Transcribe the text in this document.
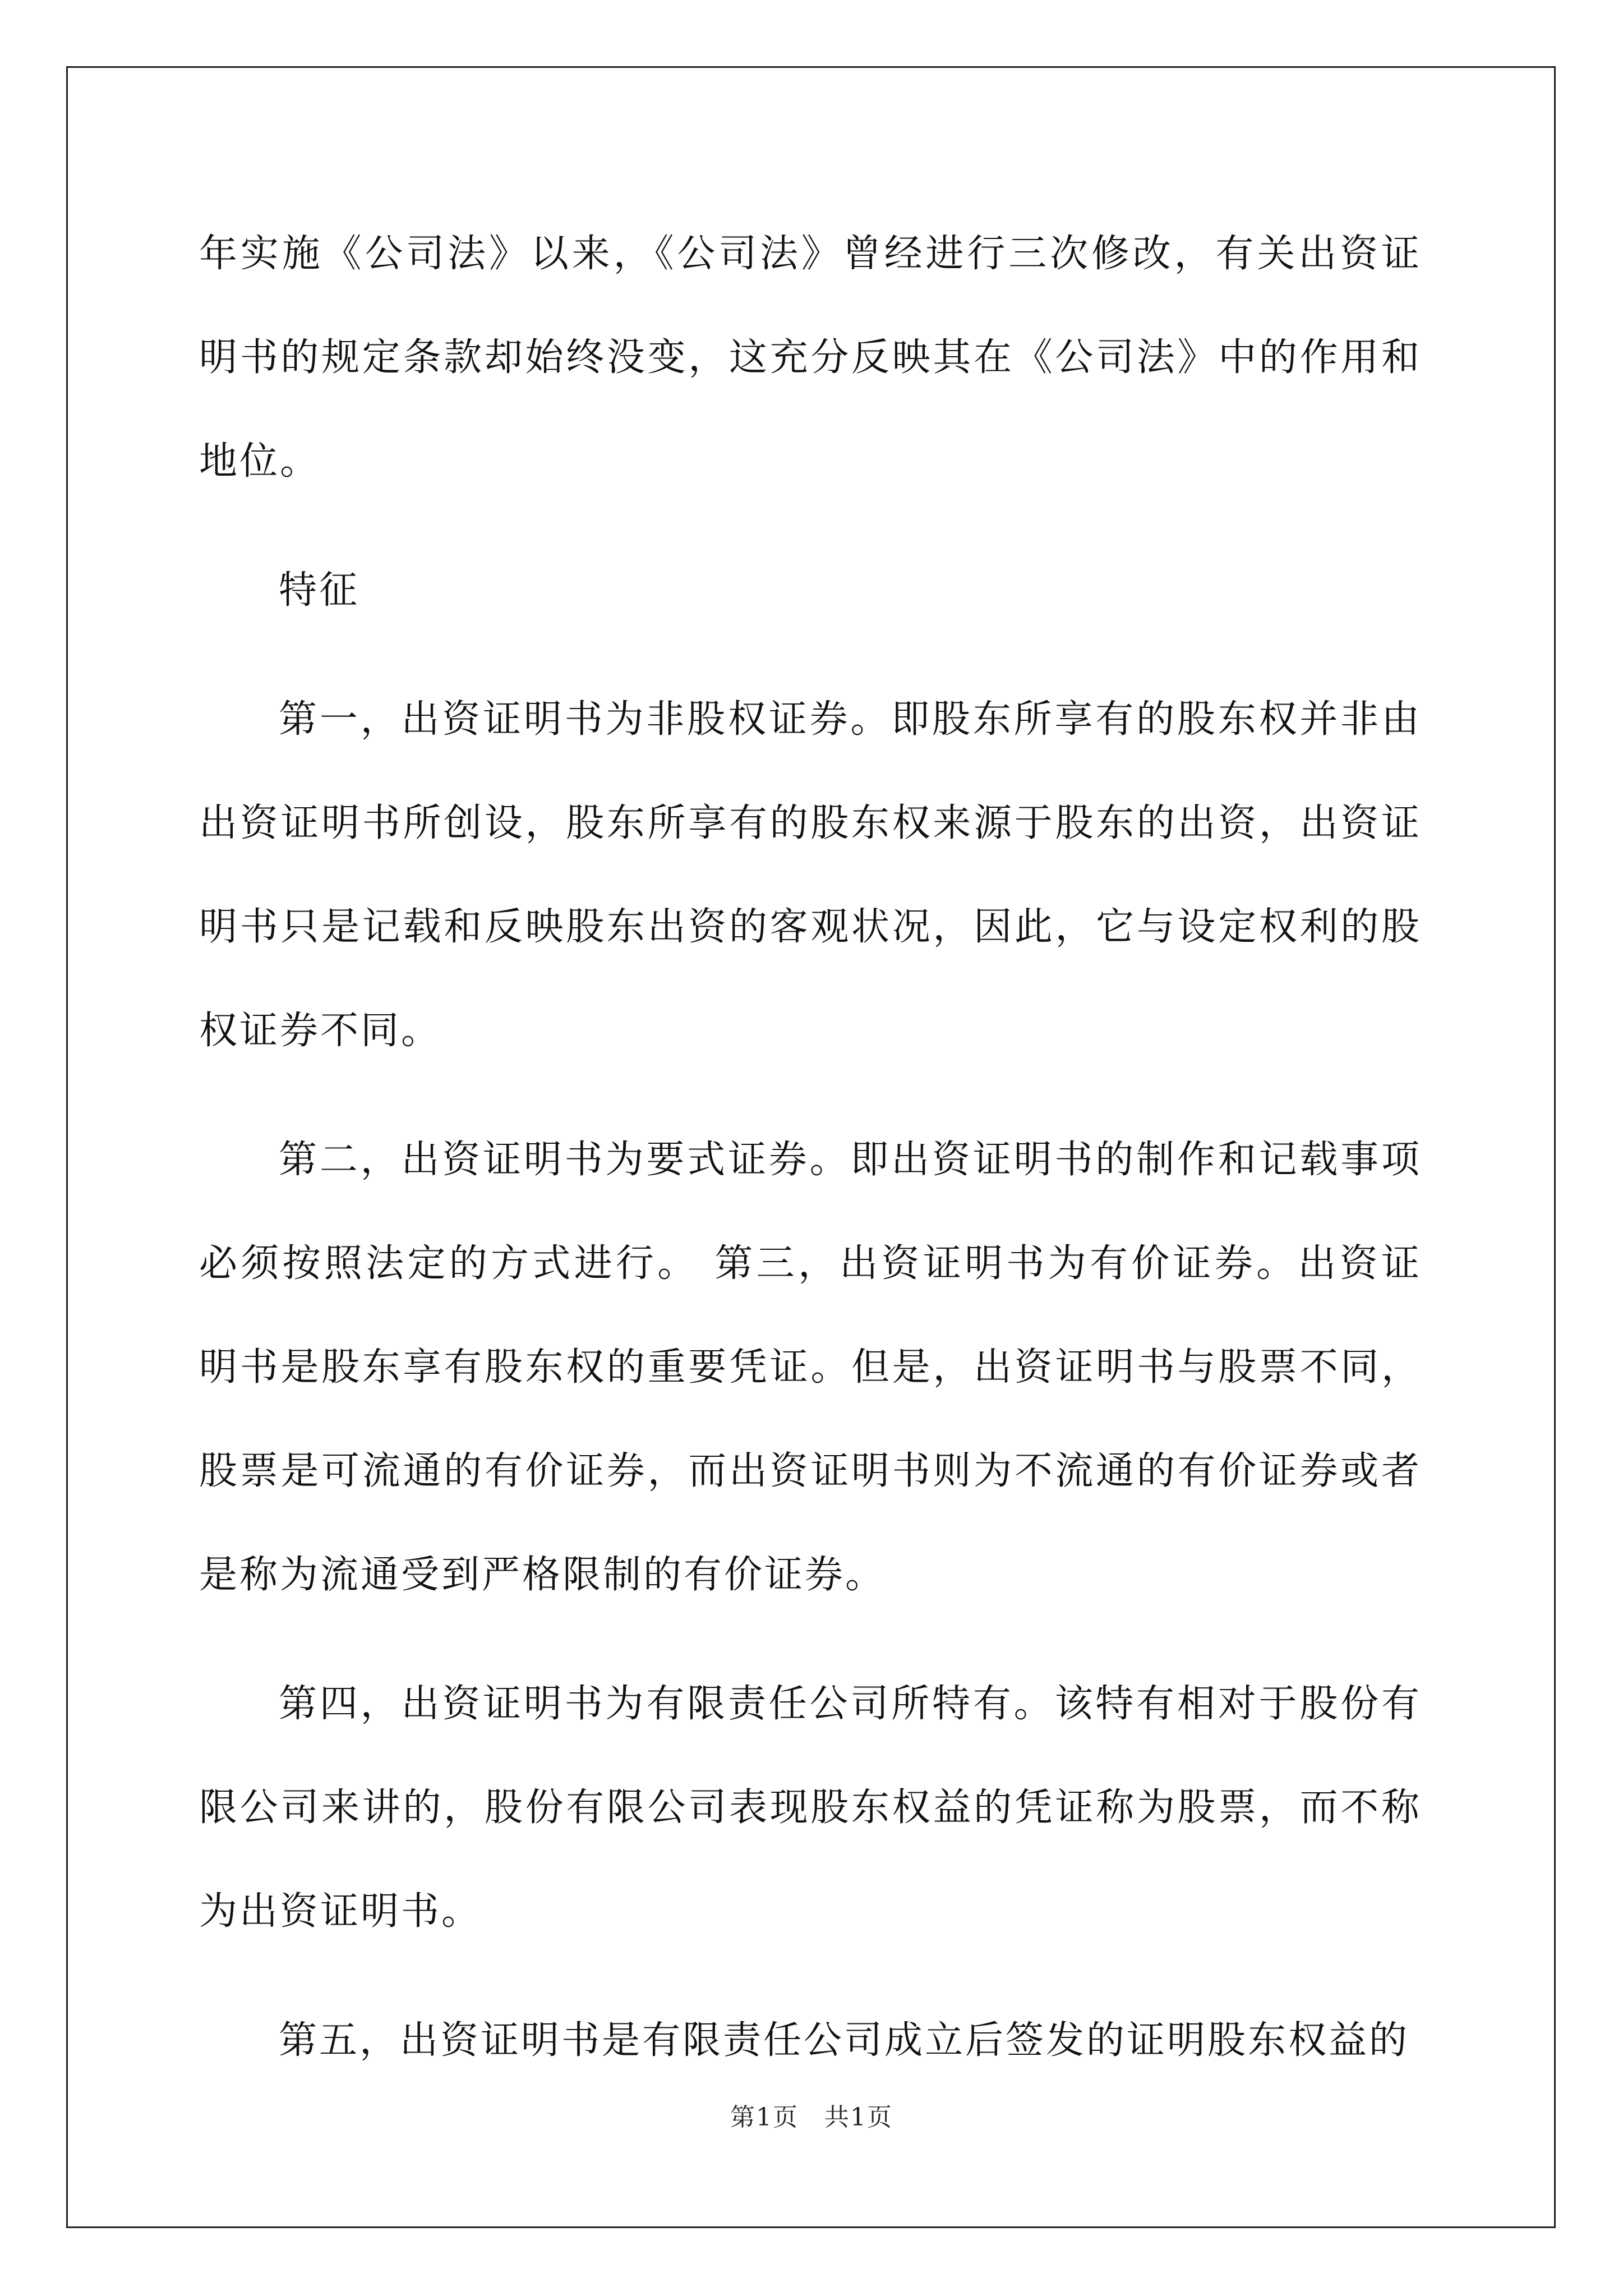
年实施《公司法》以来，《公司法》曾经进行三次修改，有关出资证明书的规定条款却始终没变，这充分反映其在《公司法》中的作用和地位。

特征

第一，出资证明书为非股权证券。即股东所享有的股东权并非由出资证明书所创设，股东所享有的股东权来源于股东的出资，出资证明书只是记载和反映股东出资的客观状况，因此，它与设定权利的股权证券不同。

第二，出资证明书为要式证券。即出资证明书的制作和记载事项必须按照法定的方式进行。 第三，出资证明书为有价证券。出资证明书是股东享有股东权的重要凭证。但是，出资证明书与股票不同，股票是可流通的有价证券，而出资证明书则为不流通的有价证券或者是称为流通受到严格限制的有价证券。

第四，出资证明书为有限责任公司所特有。该特有相对于股份有限公司来讲的，股份有限公司表现股东权益的凭证称为股票，而不称为出资证明书。

第五，出资证明书是有限责任公司成立后签发的证明股东权益的

第1页　共1页
